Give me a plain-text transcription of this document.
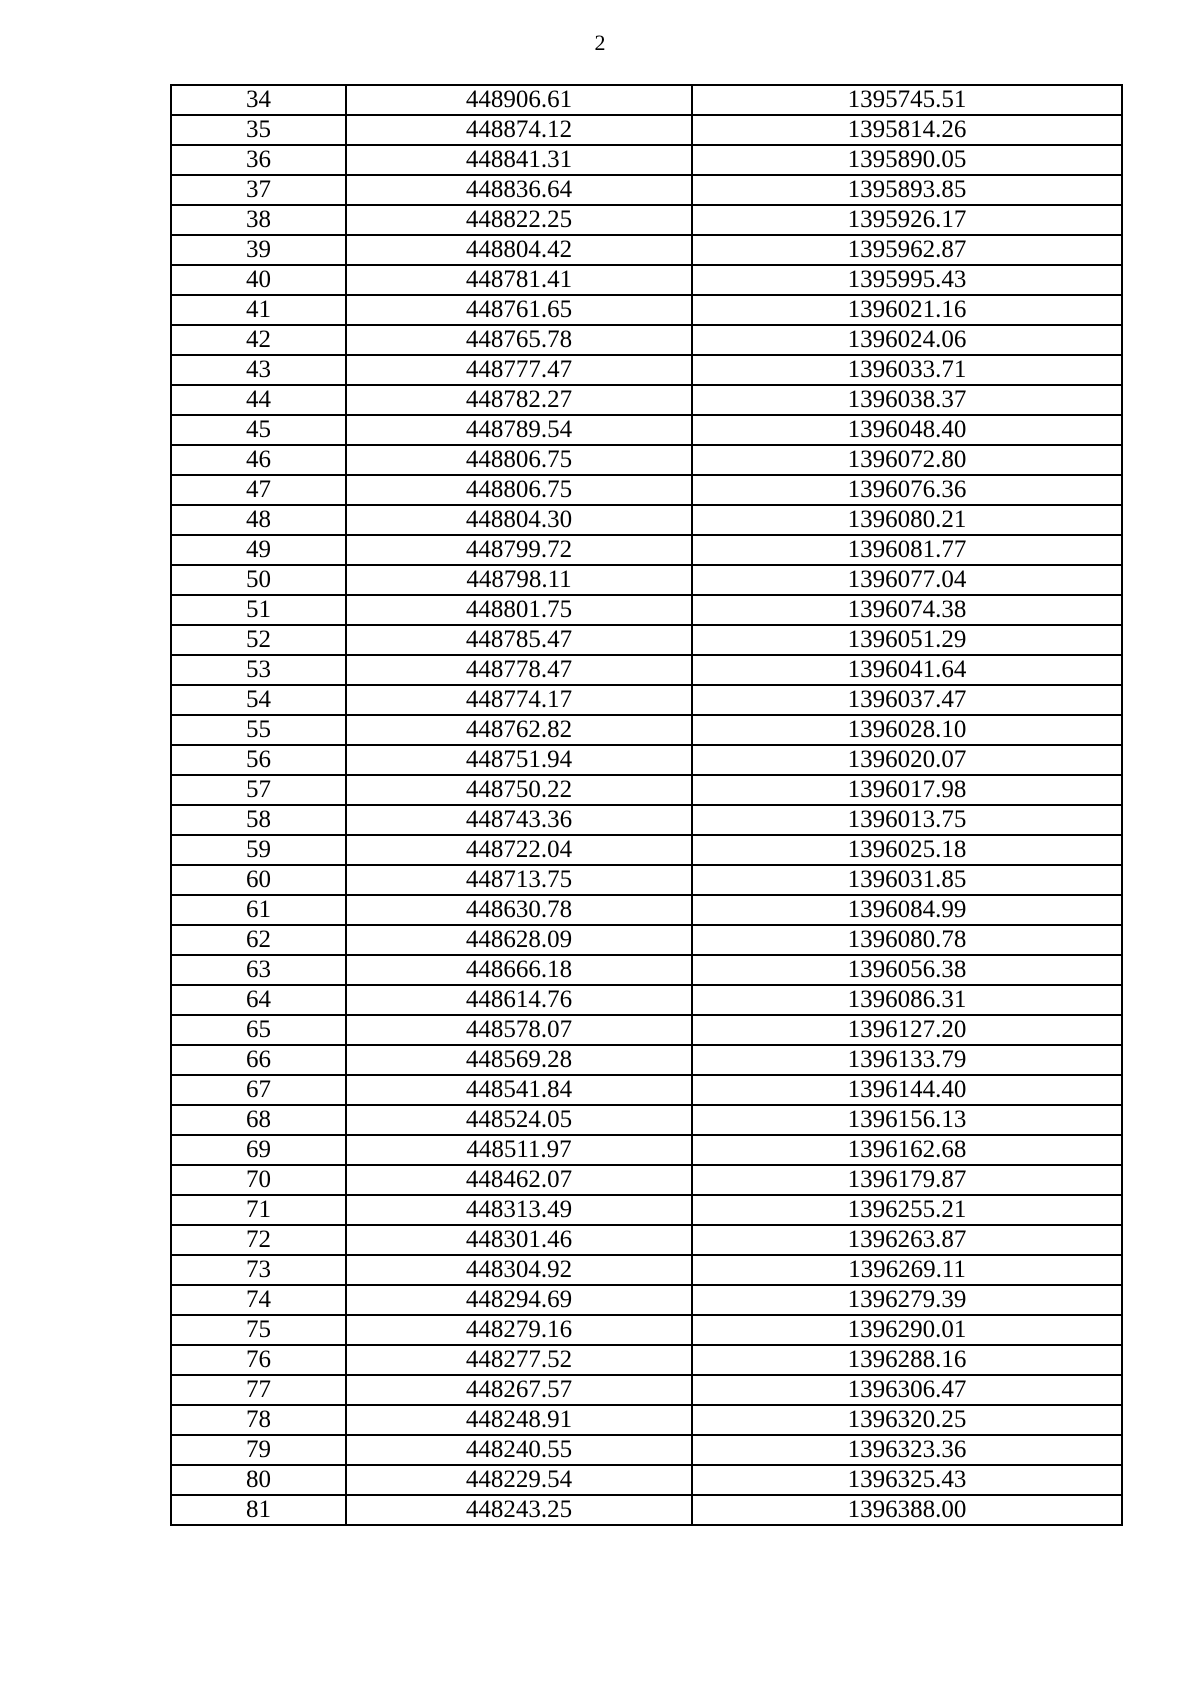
2
34	448906.61	1395745.51
35	448874.12	1395814.26
36	448841.31	1395890.05
37	448836.64	1395893.85
38	448822.25	1395926.17
39	448804.42	1395962.87
40	448781.41	1395995.43
41	448761.65	1396021.16
42	448765.78	1396024.06
43	448777.47	1396033.71
44	448782.27	1396038.37
45	448789.54	1396048.40
46	448806.75	1396072.80
47	448806.75	1396076.36
48	448804.30	1396080.21
49	448799.72	1396081.77
50	448798.11	1396077.04
51	448801.75	1396074.38
52	448785.47	1396051.29
53	448778.47	1396041.64
54	448774.17	1396037.47
55	448762.82	1396028.10
56	448751.94	1396020.07
57	448750.22	1396017.98
58	448743.36	1396013.75
59	448722.04	1396025.18
60	448713.75	1396031.85
61	448630.78	1396084.99
62	448628.09	1396080.78
63	448666.18	1396056.38
64	448614.76	1396086.31
65	448578.07	1396127.20
66	448569.28	1396133.79
67	448541.84	1396144.40
68	448524.05	1396156.13
69	448511.97	1396162.68
70	448462.07	1396179.87
71	448313.49	1396255.21
72	448301.46	1396263.87
73	448304.92	1396269.11
74	448294.69	1396279.39
75	448279.16	1396290.01
76	448277.52	1396288.16
77	448267.57	1396306.47
78	448248.91	1396320.25
79	448240.55	1396323.36
80	448229.54	1396325.43
81	448243.25	1396388.00
